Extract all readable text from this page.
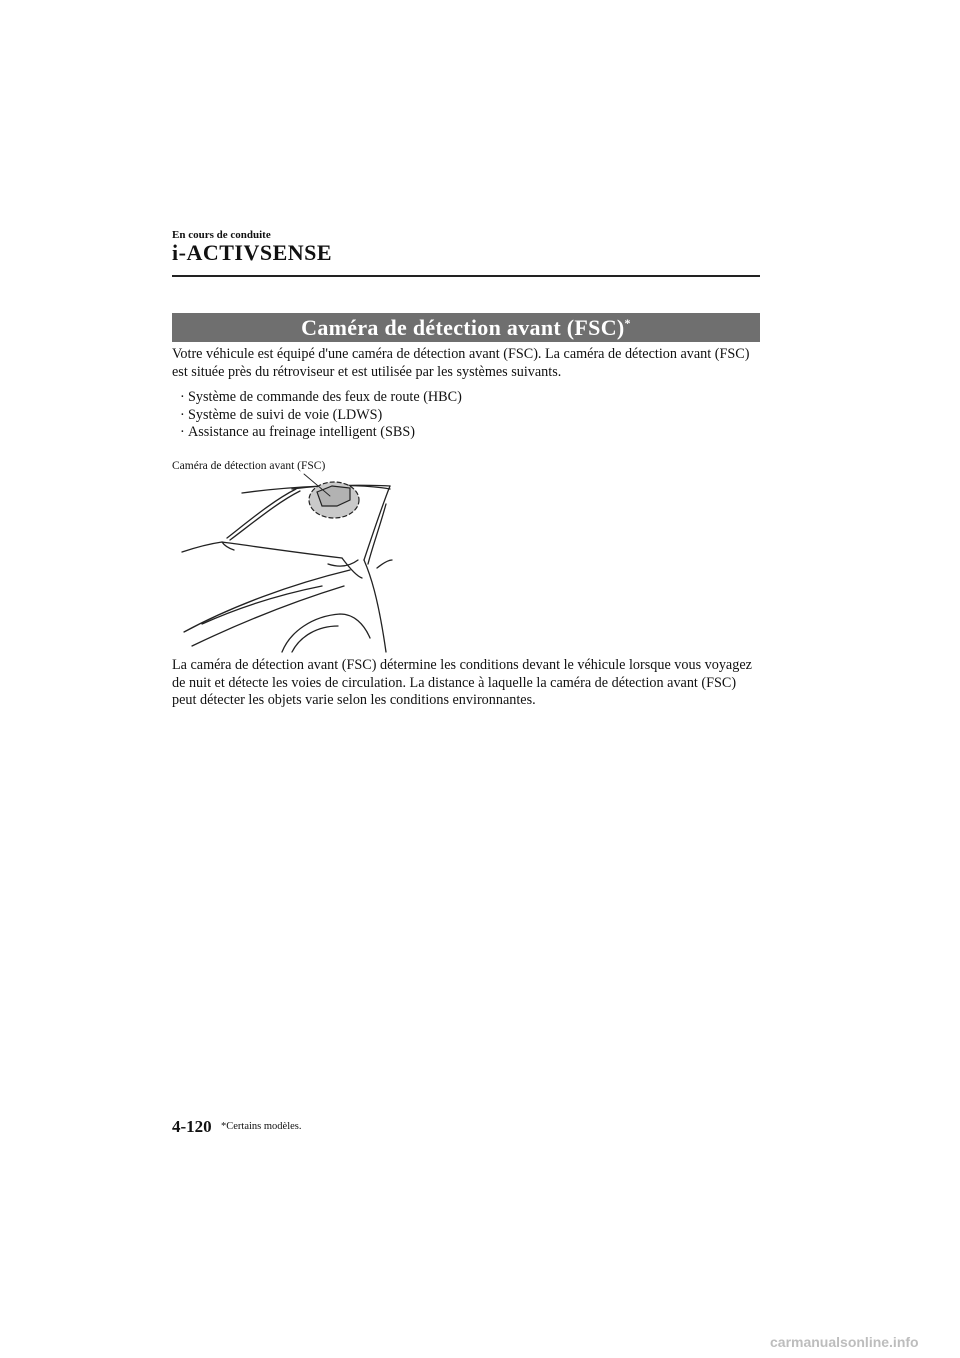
En cours de conduite
i-ACTIVSENSE
Caméra de détection avant (FSC)*

Votre véhicule est équipé d'une caméra de détection avant (FSC). La caméra de détection avant (FSC) est située près du rétroviseur et est utilisée par les systèmes suivants.

· Système de commande des feux de route (HBC)
· Système de suivi de voie (LDWS)
· Assistance au freinage intelligent (SBS)
Caméra de détection avant (FSC)

La caméra de détection avant (FSC) détermine les conditions devant le véhicule lorsque vous voyagez de nuit et détecte les voies de circulation. La distance à laquelle la caméra de détection avant (FSC) peut détecter les objets varie selon les conditions environnantes.

4-120 *Certains modèles.
carmanualsonline.info
